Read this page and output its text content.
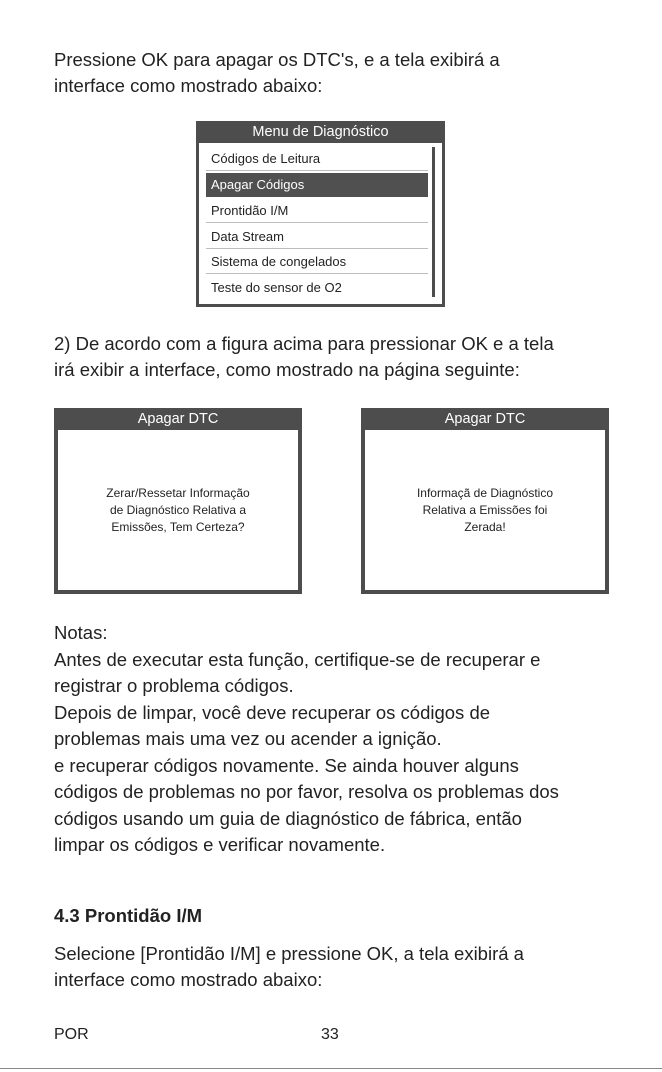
Pressione OK para apagar os DTC's, e a tela exibirá a
interface como mostrado abaixo:
Menu de Diagnóstico
Códigos de Leitura
Apagar Códigos
Prontidão I/M
Data Stream
Sistema de congelados
Teste do sensor de O2
2) De acordo com a figura acima para pressionar OK e a tela
irá exibir a interface, como mostrado na página seguinte:
Apagar DTC
Zerar/Ressetar Informação
de Diagnóstico Relativa a
Emissões, Tem Certeza?
Apagar DTC
Informaçã de Diagnóstico
Relativa a Emissões foi
Zerada!
Notas:
Antes de executar esta função, certifique-se de recuperar e
registrar o problema códigos.
Depois de limpar, você deve recuperar os códigos de
problemas mais uma vez ou acender a ignição.
e recuperar códigos novamente. Se ainda houver alguns
códigos de problemas no por favor, resolva os problemas dos
códigos usando um guia de diagnóstico de fábrica, então
limpar os códigos e verificar novamente.
4.3 Prontidão I/M
Selecione [Prontidão I/M] e pressione OK, a tela exibirá a
interface como mostrado abaixo:
POR	33
